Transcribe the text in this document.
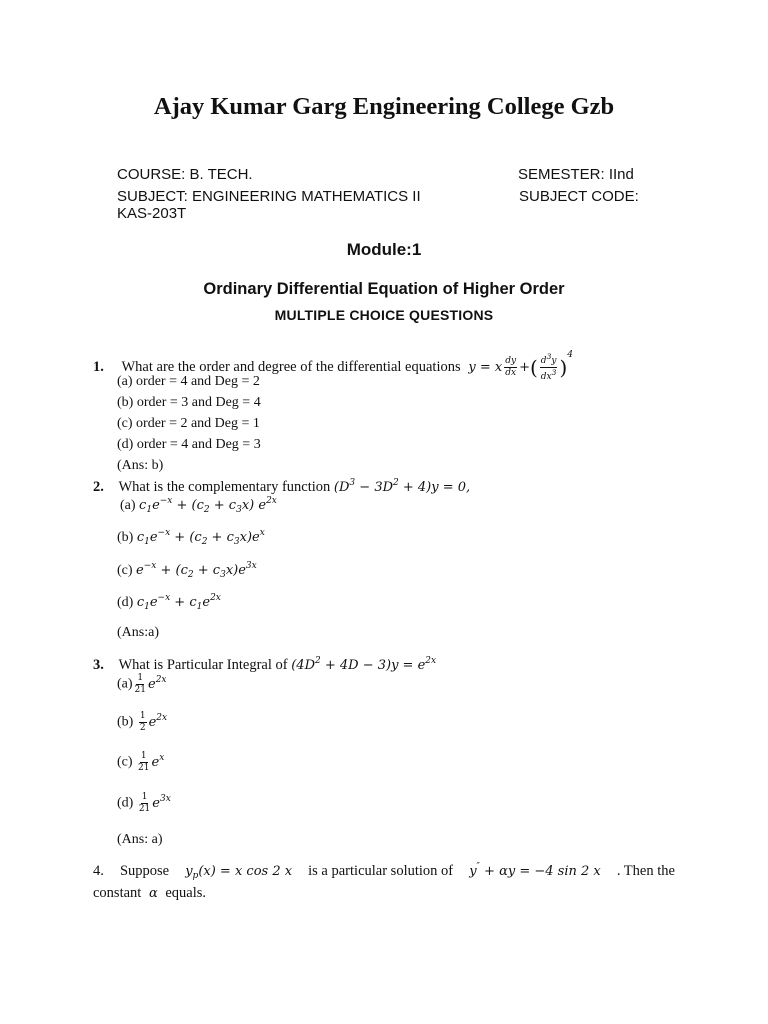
Ajay Kumar Garg Engineering College Gzb
COURSE: B. TECH.	SEMESTER: IInd
SUBJECT: ENGINEERING MATHEMATICS II	SUBJECT CODE:
KAS-203T
Module:1
Ordinary Differential Equation of Higher Order
MULTIPLE CHOICE QUESTIONS
1. What are the order and degree of the differential equations  y = x $\frac{dy}{dx}$ +( $\frac{d^3y}{dx^3} )^4$
(a) order = 4 and Deg = 2
(b) order = 3 and Deg = 4
(c) order = 2 and Deg = 1
(d) order = 4 and Deg = 3
(Ans: b)
2. What is the complementary function $(D^3 - 3D^2 + 4)y = 0$,
(a) $c_1e^{-x} + (c_2 + c_3x)$ $e^{2x}$
(b) $c_1e^{-x} + (c_2 + c_3x)e^x$
(c) $e^{-x} + (c_2 + c_3x)e^{3x}$
(d) $c_1e^{-x} + c_1e^{2x}$
(Ans:a)
3. What is Particular Integral of $(4D^2 + 4D - 3)y = e^{2x}$
$(a) \frac{1}{21} e^{2x}$
$(b) \frac{1}{2} e^{2x}$
$(c) \frac{1}{21} e^x$
$(d) \frac{1}{21} e^{3x}$
(Ans: a)
4. Suppose $y_p(x) = x$ cos 2 x is a particular solution of y″ + αy = −4 sin 2 x . Then the
constant α equals.
